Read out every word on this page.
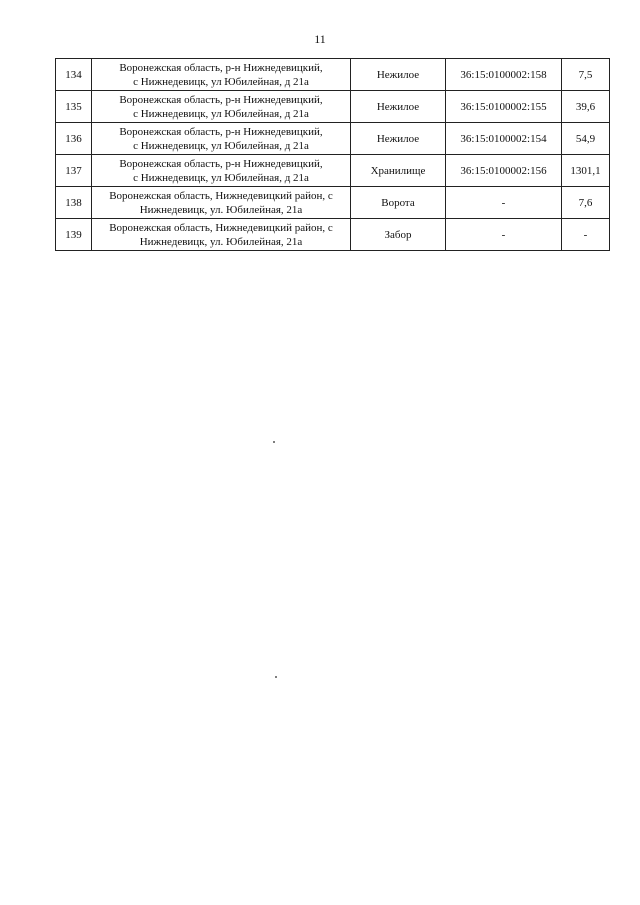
11
134	Воронежская область, р-н Нижнедевицкий,
с Нижнедевицк, ул Юбилейная, д 21а	Нежилое	36:15:0100002:158	7,5
135	Воронежская область, р-н Нижнедевицкий,
с Нижнедевицк, ул Юбилейная, д 21а	Нежилое	36:15:0100002:155	39,6
136	Воронежская область, р-н Нижнедевицкий,
с Нижнедевицк, ул Юбилейная, д 21а	Нежилое	36:15:0100002:154	54,9
137	Воронежская область, р-н Нижнедевицкий,
с Нижнедевицк, ул Юбилейная, д 21а	Хранилище	36:15:0100002:156	1301,1
138	Воронежская область, Нижнедевицкий район, с
Нижнедевицк, ул. Юбилейная, 21а	Ворота	-	7,6
139	Воронежская область, Нижнедевицкий район, с
Нижнедевицк, ул. Юбилейная, 21а	Забор	-	-
